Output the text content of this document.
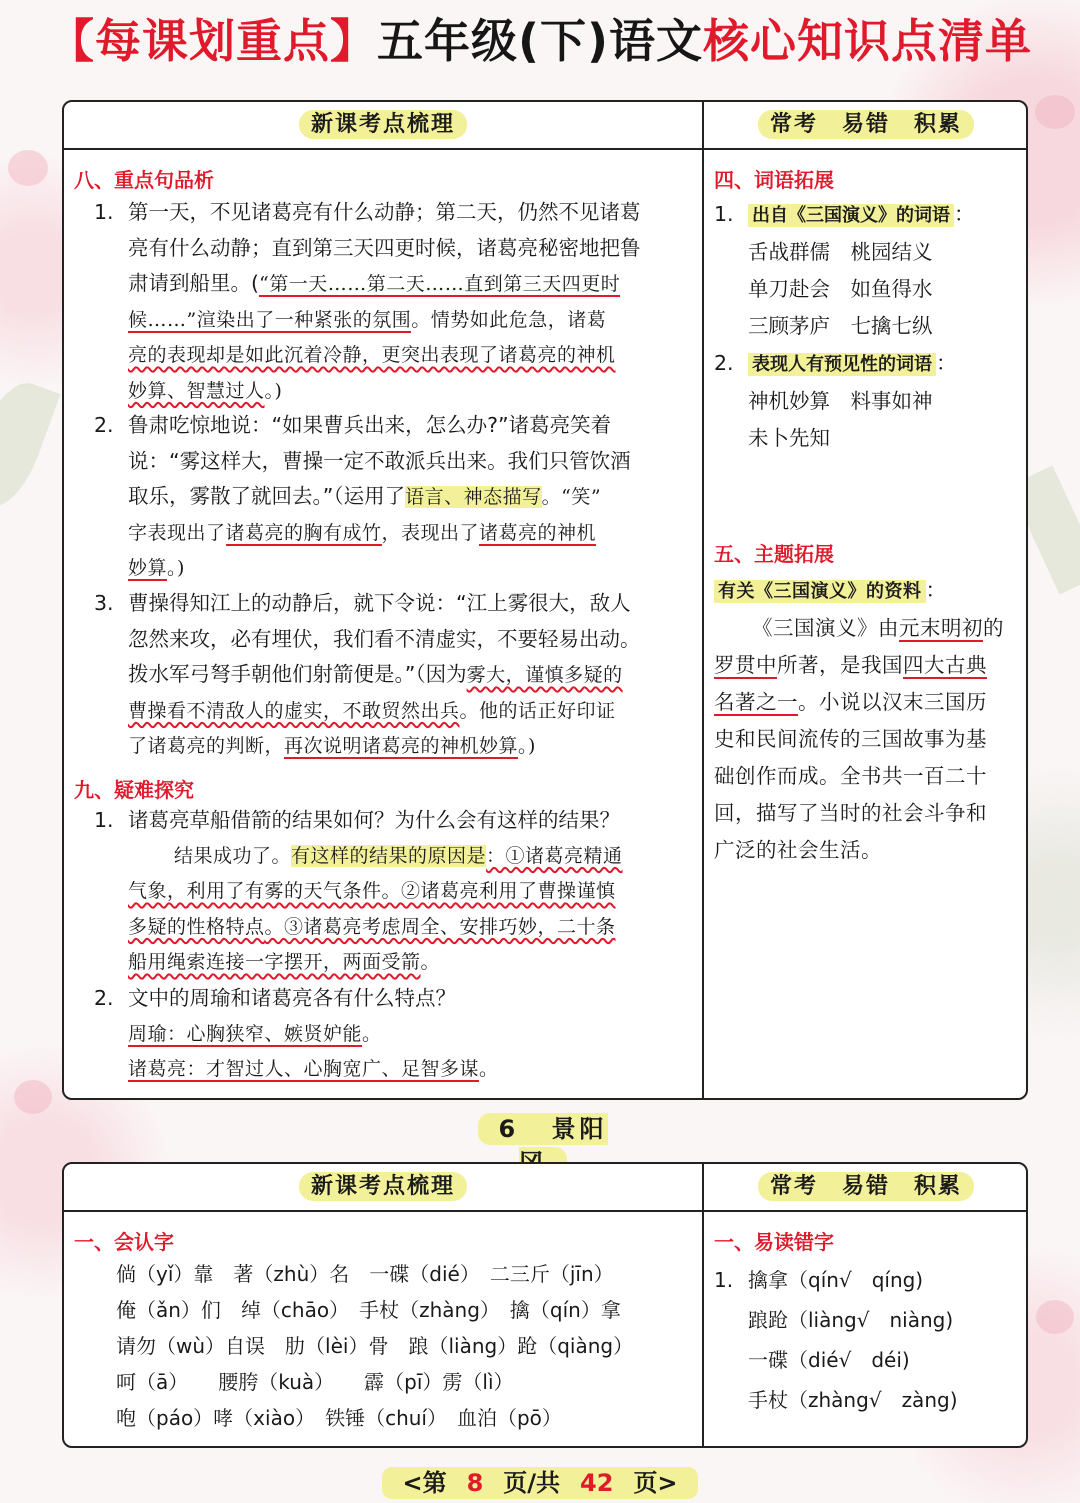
【每课划重点】五年级(下)语文核心知识点清单
新课考点梳理	常考　易错　积累
八、重点句品析
1. 第一天，不见诸葛亮有什么动静；第二天，仍然不见诸葛
亮有什么动静；直到第三天四更时候，诸葛亮秘密地把鲁
肃请到船里。(“第一天……第二天……直到第三天四更时
候……”渲染出了一种紧张的氛围。情势如此危急，诸葛
亮的表现却是如此沉着冷静，更突出表现了诸葛亮的神机
妙算、智慧过人。)
2. 鲁肃吃惊地说：“如果曹兵出来，怎么办?”诸葛亮笑着
说：“雾这样大，曹操一定不敢派兵出来。我们只管饮酒
取乐，雾散了就回去。”（运用了语言、神态描写。“笑”
字表现出了诸葛亮的胸有成竹，表现出了诸葛亮的神机
妙算。)
3. 曹操得知江上的动静后，就下令说：“江上雾很大，敌人
忽然来攻，必有埋伏，我们看不清虚实，不要轻易出动。
拨水军弓弩手朝他们射箭便是。”（因为雾大，谨慎多疑的
曹操看不清敌人的虚实，不敢贸然出兵。他的话正好印证
了诸葛亮的判断，再次说明诸葛亮的神机妙算。)
九、疑难探究
1. 诸葛亮草船借箭的结果如何？为什么会有这样的结果？
结果成功了。有这样的结果的原因是：①诸葛亮精通
气象，利用了有雾的天气条件。②诸葛亮利用了曹操谨慎
多疑的性格特点。③诸葛亮考虑周全、安排巧妙，二十条
船用绳索连接一字摆开，两面受箭。
2. 文中的周瑜和诸葛亮各有什么特点？
周瑜：心胸狭窄、嫉贤妒能。
诸葛亮：才智过人、心胸宽广、足智多谋。
四、词语拓展
1. 出自《三国演义》的词语 ：
舌战群儒　 桃园结义
单刀赴会　 如鱼得水
三顾茅庐　 七擒七纵
2. 表现人有预见性的词语 ：
神机妙算　 料事如神
未卜先知
五、主题拓展
有关《三国演义》的资料 ：
《三国演义》由元末明初的
罗贯中所著，是我国四大古典
名著之一。小说以汉末三国历
史和民间流传的三国故事为基
础创作而成。全书共一百二十
回，描写了当时的社会斗争和
广泛的社会生活。
6 景阳
新课考点梳理	常考　易错　积累
一、会认字
倘（yǐ）靠　 著（zhù）名　 一碟（dié）　 二三斤（jīn）
俺（ǎn）们　 绰（chāo）　 手杖（zhàng）　 擒（qín）拿
请勿（wù）自误　 肋（lèi）骨　 踉（liàng）跄（qiàng）
呵（ā）　　 腰胯（kuà）　　 霹（pī）雳（lì）
咆（páo）哮（xiào）　 铁锤（chuí）　 血泊（pō）
一、易读错字
1. 擒拿（qín√　 qíng)
踉跄（liàng√　 niàng)
一碟（dié√　 déi)
手杖（zhàng√　 zàng)
<第 8 页/共 42 页>
